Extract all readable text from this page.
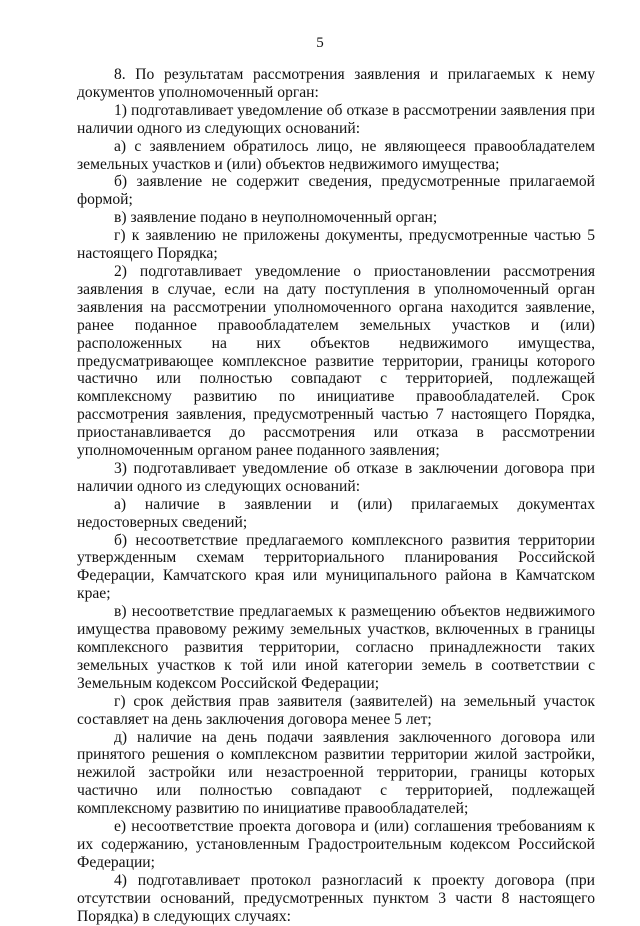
5

8. По результатам рассмотрения заявления и прилагаемых к нему документов уполномоченный орган:

1) подготавливает уведомление об отказе в рассмотрении заявления при наличии одного из следующих оснований:

а) с заявлением обратилось лицо, не являющееся правообладателем земельных участков и (или) объектов недвижимого имущества;

б) заявление не содержит сведения, предусмотренные прилагаемой формой;

в) заявление подано в неуполномоченный орган;

г) к заявлению не приложены документы, предусмотренные частью 5 настоящего Порядка;

2) подготавливает уведомление о приостановлении рассмотрения заявления в случае, если на дату поступления в уполномоченный орган заявления на рассмотрении уполномоченного органа находится заявление, ранее поданное правообладателем земельных участков и (или) расположенных на них объектов недвижимого имущества, предусматривающее комплексное развитие территории, границы которого частично или полностью совпадают с территорией, подлежащей комплексному развитию по инициативе правообладателей. Срок рассмотрения заявления, предусмотренный частью 7 настоящего Порядка, приостанавливается до рассмотрения или отказа в рассмотрении уполномоченным органом ранее поданного заявления;

3) подготавливает уведомление об отказе в заключении договора при наличии одного из следующих оснований:

а) наличие в заявлении и (или) прилагаемых документах недостоверных сведений;

б) несоответствие предлагаемого комплексного развития территории утвержденным схемам территориального планирования Российской Федерации, Камчатского края или муниципального района в Камчатском крае;

в) несоответствие предлагаемых к размещению объектов недвижимого имущества правовому режиму земельных участков, включенных в границы комплексного развития территории, согласно принадлежности таких земельных участков к той или иной категории земель в соответствии с Земельным кодексом Российской Федерации;

г) срок действия прав заявителя (заявителей) на земельный участок составляет на день заключения договора менее 5 лет;

д) наличие на день подачи заявления заключенного договора или принятого решения о комплексном развитии территории жилой застройки, нежилой застройки или незастроенной территории, границы которых частично или полностью совпадают с территорией, подлежащей комплексному развитию по инициативе правообладателей;

е) несоответствие проекта договора и (или) соглашения требованиям к их содержанию, установленным Градостроительным кодексом Российской Федерации;

4) подготавливает протокол разногласий к проекту договора (при отсутствии оснований, предусмотренных пунктом 3 части 8 настоящего Порядка) в следующих случаях:
